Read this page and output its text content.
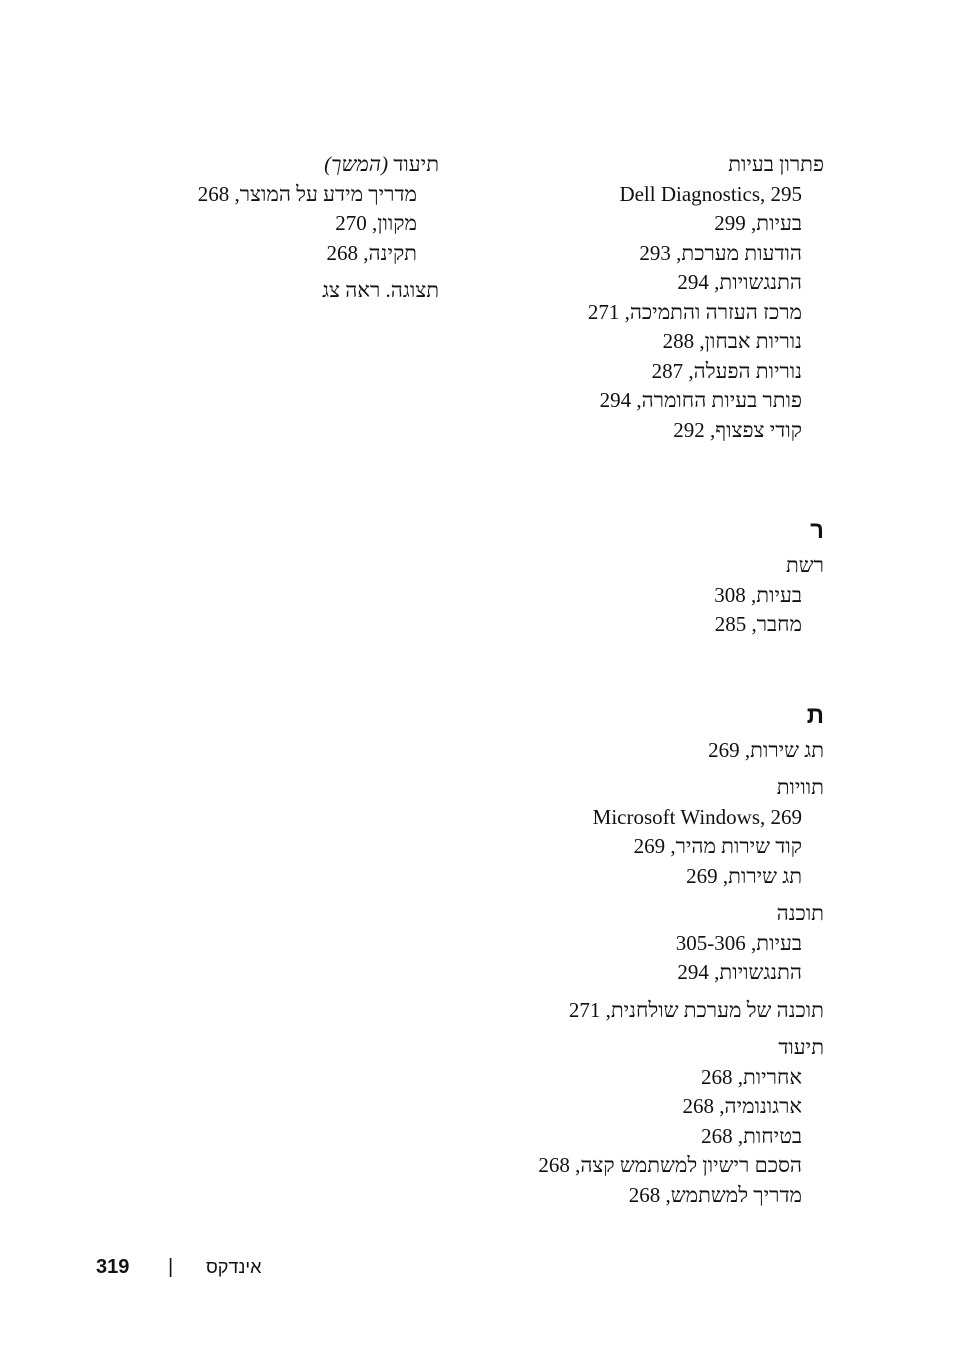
פתרון בעיות
Dell Diagnostics, 295
בעיות, 299
הודעות מערכת, 293
התנגשויות, 294
מרכז העזרה והתמיכה, 271
נוריות אבחון, 288
נוריות הפעלה, 287
פותר בעיות החומרה, 294
קודי צפצוף, 292
ר
רשת
בעיות, 308
מחבר, 285
ת
תג שירות, 269
תוויות
Microsoft Windows, 269
קוד שירות מהיר, 269
תג שירות, 269
תוכנה
בעיות, 305-306
התנגשויות, 294
תוכנה של מערכת שולחנית, 271
תיעוד
אחריות, 268
ארגונומיה, 268
בטיחות, 268
הסכם רישיון למשתמש קצה, 268
מדריך למשתמש, 268
תיעוד (המשך)
מדריך מידע על המוצר, 268
מקוון, 270
תקינה, 268
תצוגה. ראה צג
319 | אינדקס
